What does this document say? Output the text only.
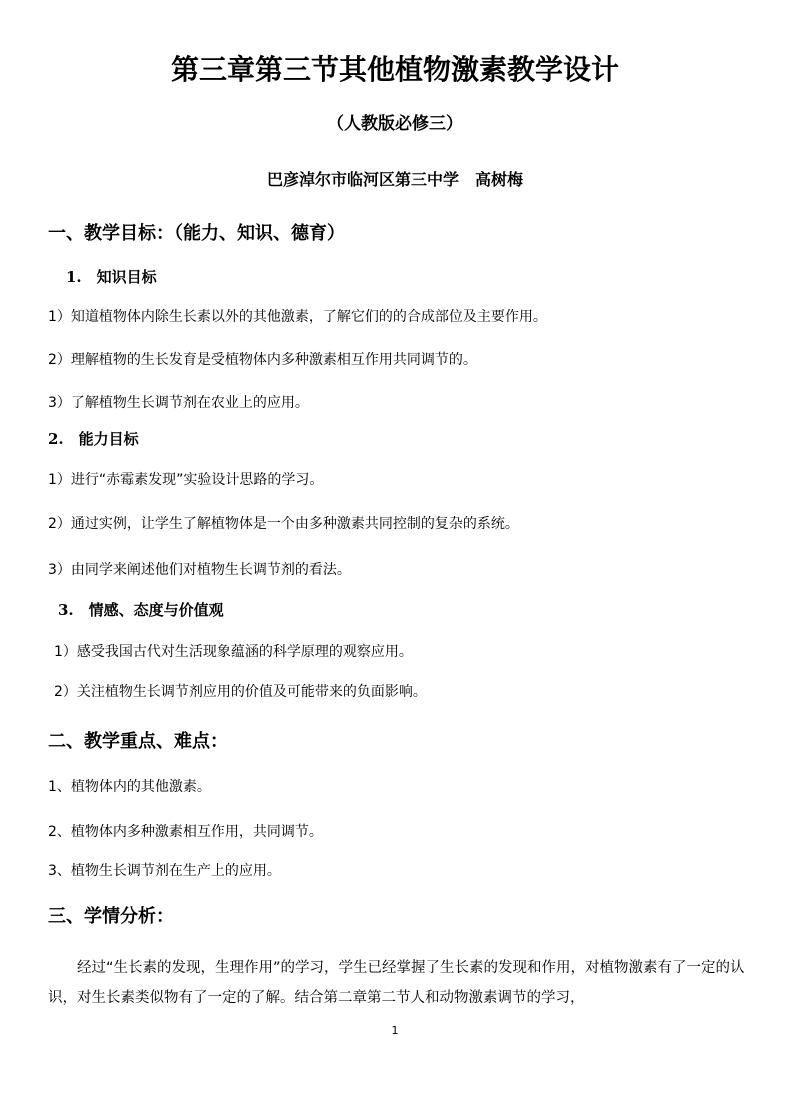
第三章第三节其他植物激素教学设计
（人教版必修三）
巴彦淖尔市临河区第三中学　高树梅
一、教学目标：（能力、知识、德育）
1.　知识目标
1）知道植物体内除生长素以外的其他激素，了解它们的的合成部位及主要作用。
2）理解植物的生长发育是受植物体内多种激素相互作用共同调节的。
3）了解植物生长调节剂在农业上的应用。
2.　能力目标
1）进行“赤霉素发现”实验设计思路的学习。
2）通过实例，让学生了解植物体是一个由多种激素共同控制的复杂的系统。
3）由同学来阐述他们对植物生长调节剂的看法。
3.　情感、态度与价值观
1）感受我国古代对生活现象蕴涵的科学原理的观察应用。
2）关注植物生长调节剂应用的价值及可能带来的负面影响。
二、教学重点、难点：
1、植物体内的其他激素。
2、植物体内多种激素相互作用，共同调节。
3、植物生长调节剂在生产上的应用。
三、学情分析：
经过“生长素的发现，生理作用”的学习，学生已经掌握了生长素的发现和作用，对植物激素有了一定的认识，对生长素类似物有了一定的了解。结合第二章第二节人和动物激素调节的学习，
1
